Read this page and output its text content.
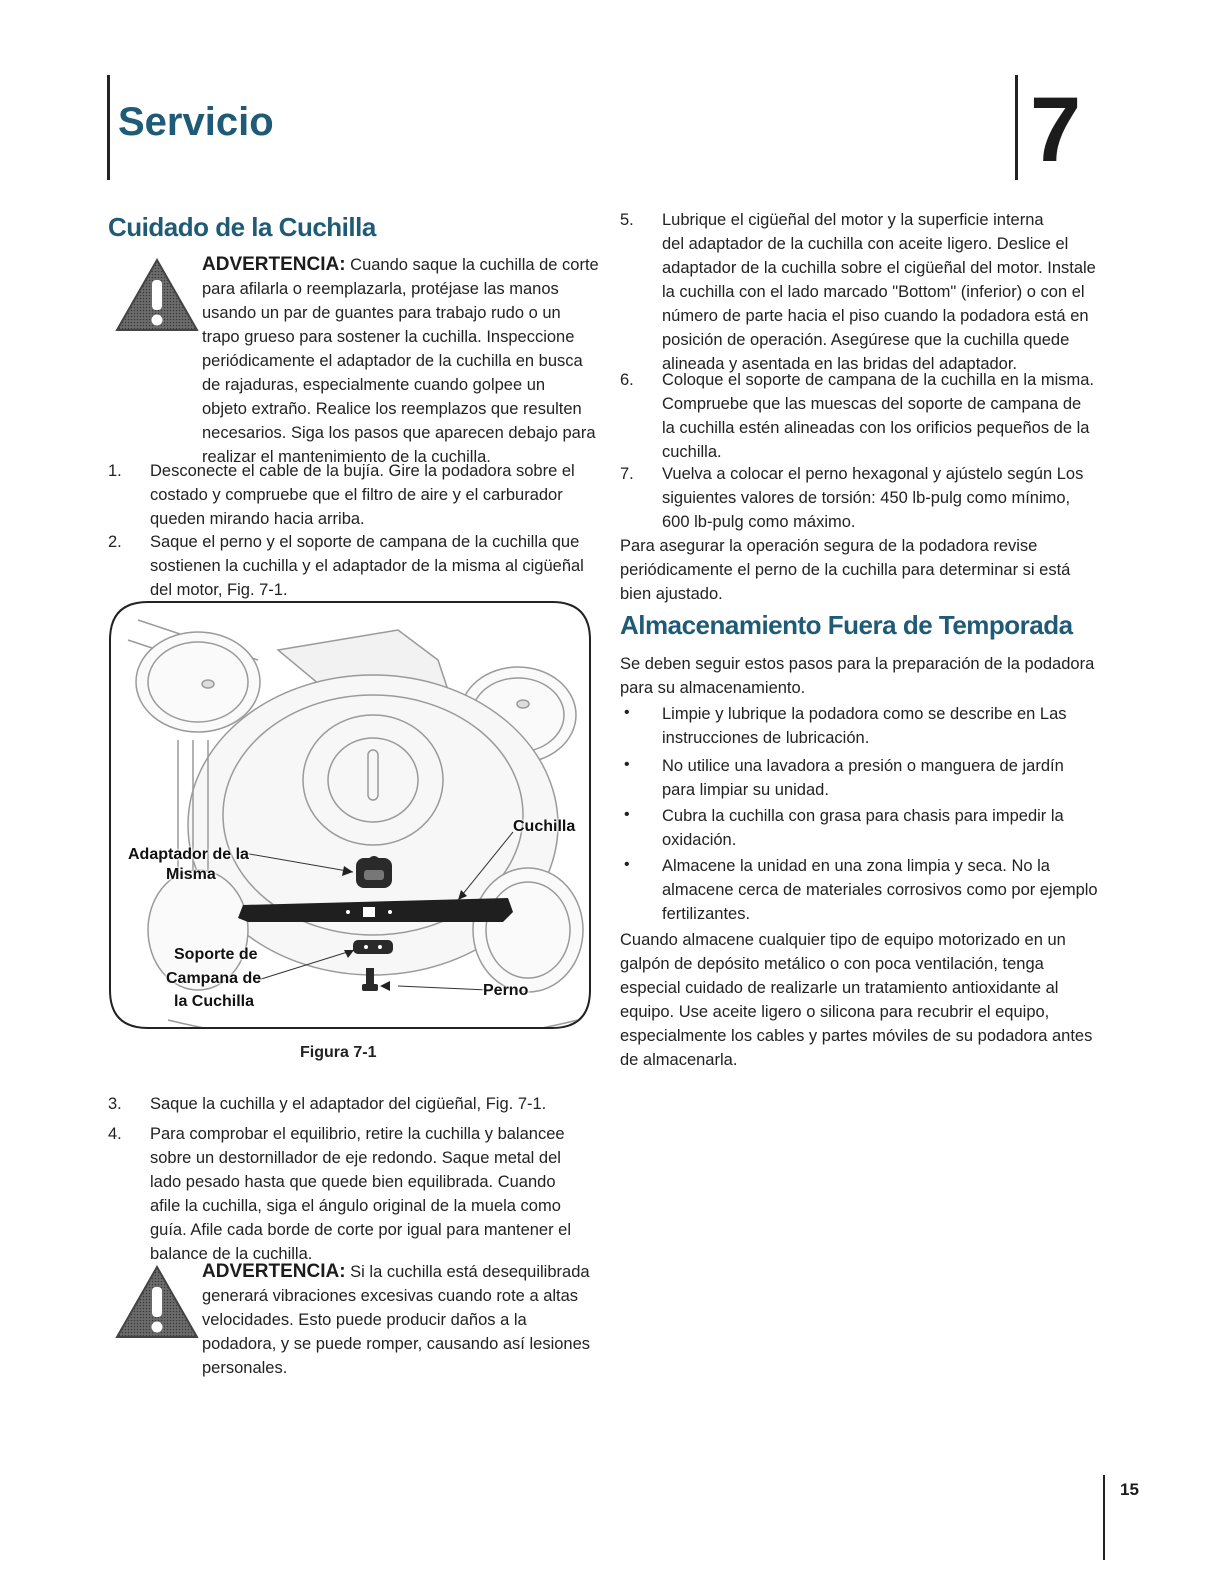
Servicio	7
Cuidado de la Cuchilla
ADVERTENCIA: Cuando saque la cuchilla de corte
para afilarla o reemplazarla, protéjase las manos
usando un par de guantes para trabajo rudo o un
trapo grueso para sostener la cuchilla. Inspeccione
periódicamente el adaptador de la cuchilla en busca
de rajaduras, especialmente cuando golpee un
objeto extraño. Realice los reemplazos que resulten
necesarios. Siga los pasos que aparecen debajo para
realizar el mantenimiento de la cuchilla.
1. Desconecte el cable de la bujía. Gire la podadora sobre el
costado y compruebe que el filtro de aire y el carburador
queden mirando hacia arriba.
2. Saque el perno y el soporte de campana de la cuchilla que
sostienen la cuchilla y el adaptador de la misma al cigüeñal
del motor, Fig. 7-1.
Cuchilla
Adaptador de la
Misma
Soporte de
Campana de
la Cuchilla
Perno
Figura 7-1
3. Saque la cuchilla y el adaptador del cigüeñal, Fig. 7-1.
4. Para comprobar el equilibrio, retire la cuchilla y balancee
sobre un destornillador de eje redondo. Saque metal del
lado pesado hasta que quede bien equilibrada. Cuando
afile la cuchilla, siga el ángulo original de la muela como
guía. Afile cada borde de corte por igual para mantener el
balance de la cuchilla.
ADVERTENCIA: Si la cuchilla está desequilibrada
generará vibraciones excesivas cuando rote a altas
velocidades. Esto puede producir daños a la
podadora, y se puede romper, causando así lesiones
personales.
5. Lubrique el cigüeñal del motor y la superficie interna
del adaptador de la cuchilla con aceite ligero. Deslice el
adaptador de la cuchilla sobre el cigüeñal del motor. Instale
la cuchilla con el lado marcado "Bottom" (inferior) o con el
número de parte hacia el piso cuando la podadora está en
posición de operación. Asegúrese que la cuchilla quede
alineada y asentada en las bridas del adaptador.
6. Coloque el soporte de campana de la cuchilla en la misma.
Compruebe que las muescas del soporte de campana de
la cuchilla estén alineadas con los orificios pequeños de la
cuchilla.
7. Vuelva a colocar el perno hexagonal y ajústelo según Los
siguientes valores de torsión: 450 lb-pulg como mínimo,
600 lb-pulg como máximo.
Para asegurar la operación segura de la podadora revise
periódicamente el perno de la cuchilla para determinar si está
bien ajustado.
Almacenamiento Fuera de Temporada
Se deben seguir estos pasos para la preparación de la podadora
para su almacenamiento.
• Limpie y lubrique la podadora como se describe en Las
instrucciones de lubricación.
• No utilice una lavadora a presión o manguera de jardín
para limpiar su unidad.
• Cubra la cuchilla con grasa para chasis para impedir la
oxidación.
• Almacene la unidad en una zona limpia y seca. No la
almacene cerca de materiales corrosivos como por ejemplo
fertilizantes.
Cuando almacene cualquier tipo de equipo motorizado en un
galpón de depósito metálico o con poca ventilación, tenga
especial cuidado de realizarle un tratamiento antioxidante al
equipo. Use aceite ligero o silicona para recubrir el equipo,
especialmente los cables y partes móviles de su podadora antes
de almacenarla.
15
